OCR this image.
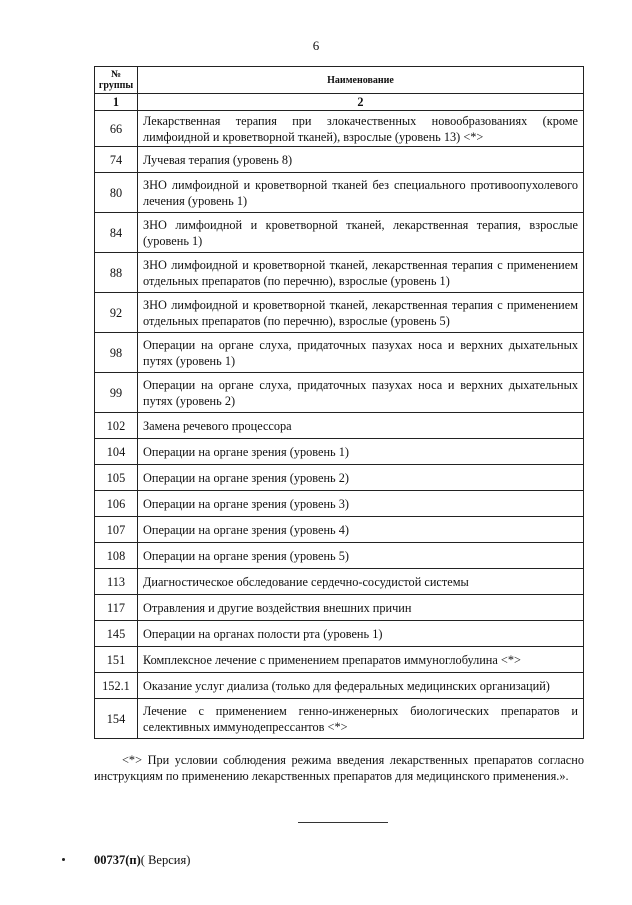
6
№ группы	Наименование
1	2
66	Лекарственная терапия при злокачественных новообразованиях (кроме лимфоидной и кроветворной тканей), взрослые (уровень 13) <*>
74	Лучевая терапия (уровень 8)
80	ЗНО лимфоидной и кроветворной тканей без специального противоопухолевого лечения (уровень 1)
84	ЗНО лимфоидной и кроветворной тканей, лекарственная терапия, взрослые (уровень 1)
88	ЗНО лимфоидной и кроветворной тканей, лекарственная терапия с применением отдельных препаратов (по перечню), взрослые (уровень 1)
92	ЗНО лимфоидной и кроветворной тканей, лекарственная терапия с применением отдельных препаратов (по перечню), взрослые (уровень 5)
98	Операции на органе слуха, придаточных пазухах носа и верхних дыхательных путях (уровень 1)
99	Операции на органе слуха, придаточных пазухах носа и верхних дыхательных путях (уровень 2)
102	Замена речевого процессора
104	Операции на органе зрения (уровень 1)
105	Операции на органе зрения (уровень 2)
106	Операции на органе зрения (уровень 3)
107	Операции на органе зрения (уровень 4)
108	Операции на органе зрения (уровень 5)
113	Диагностическое обследование сердечно-сосудистой системы
117	Отравления и другие воздействия внешних причин
145	Операции на органах полости рта (уровень 1)
151	Комплексное лечение с применением препаратов иммуноглобулина <*>
152.1	Оказание услуг диализа (только для федеральных медицинских организаций)
154	Лечение с применением генно-инженерных биологических препаратов и селективных иммунодепрессантов <*>
<*> При условии соблюдения режима введения лекарственных препаратов согласно инструкциям по применению лекарственных препаратов для медицинского применения.».
00737(п)( Версия)
